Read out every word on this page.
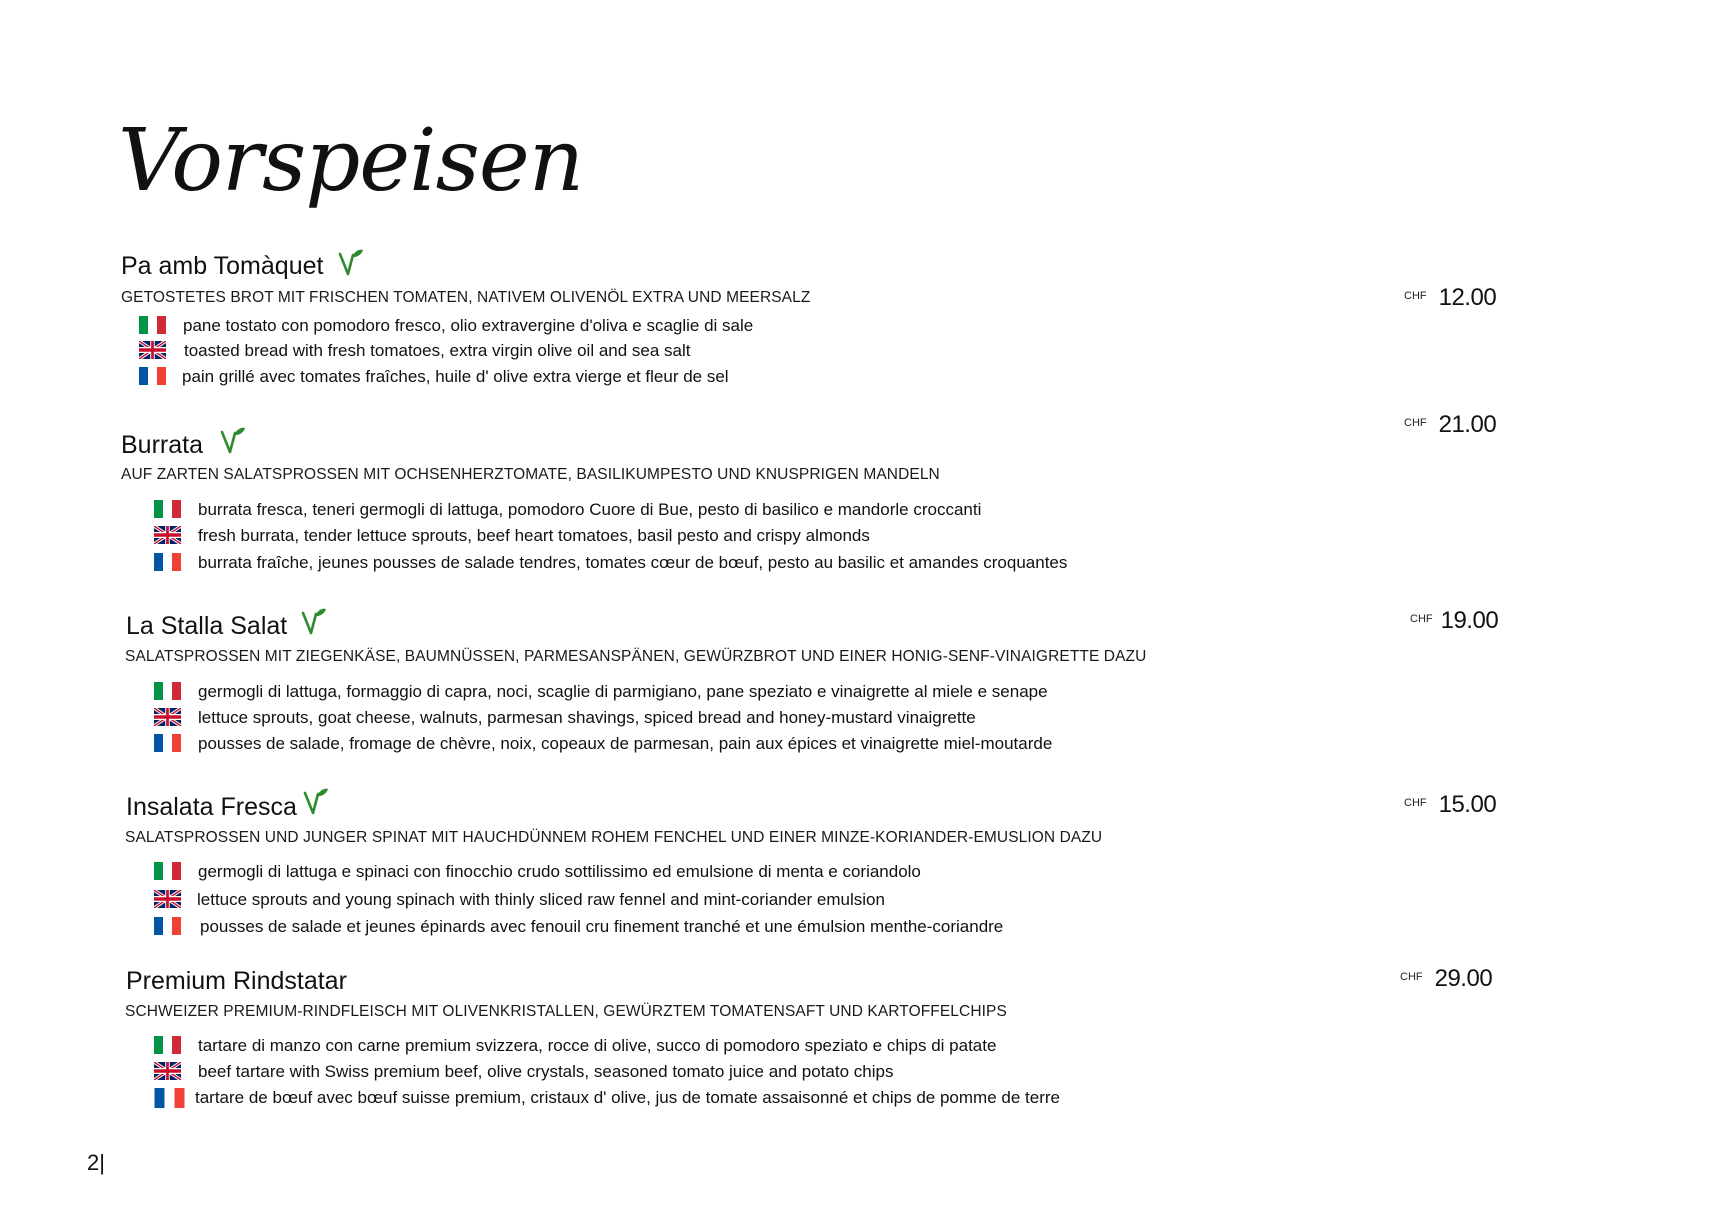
Vorspeisen
Pa amb Tomàquet
GETOSTETES BROT MIT FRISCHEN TOMATEN, NATIVEM OLIVENÖL EXTRA UND MEERSALZ
pane tostato con pomodoro fresco, olio extravergine d'oliva e scaglie di sale
toasted bread with fresh tomatoes, extra virgin olive oil and sea salt
pain grillé avec tomates fraîches, huile d' olive extra vierge et fleur de sel
$^{CHF}$ 12.00
Burrata
AUF ZARTEN SALATSPROSSEN MIT OCHSENHERZTOMATE, BASILIKUMPESTO UND KNUSPRIGEN MANDELN
burrata fresca, teneri germogli di lattuga, pomodoro Cuore di Bue, pesto di basilico e mandorle croccanti
fresh burrata, tender lettuce sprouts, beef heart tomatoes, basil pesto and crispy almonds
burrata fraîche, jeunes pousses de salade tendres, tomates cœur de bœuf, pesto au basilic et amandes croquantes
$^{CHF}$ 21.00
La Stalla Salat
SALATSPROSSEN MIT ZIEGENKÄSE, BAUMNÜSSEN, PARMESANSPÄNEN, GEWÜRZBROT UND EINER HONIG-SENF-VINAIGRETTE DAZU
germogli di lattuga, formaggio di capra, noci, scaglie di parmigiano, pane speziato e vinaigrette al miele e senape
lettuce sprouts, goat cheese, walnuts, parmesan shavings, spiced bread and honey-mustard vinaigrette
pousses de salade, fromage de chèvre, noix, copeaux de parmesan, pain aux épices et vinaigrette miel-moutarde
$^{CHF}$ 19.00
Insalata Fresca
SALATSPROSSEN UND JUNGER SPINAT MIT HAUCHDÜNNEM ROHEM FENCHEL UND EINER MINZE-KORIANDER-EMUSLION DAZU
germogli di lattuga e spinaci con finocchio crudo sottilissimo ed emulsione di menta e coriandolo
lettuce sprouts and young spinach with thinly sliced raw fennel and mint-coriander emulsion
pousses de salade et jeunes épinards avec fenouil cru finement tranché et une émulsion menthe-coriandre
$^{CHF}$ 15.00
Premium Rindstatar
SCHWEIZER PREMIUM-RINDFLEISCH MIT OLIVENKRISTALLEN, GEWÜRZTEM TOMATENSAFT UND KARTOFFELCHIPS
tartare di manzo con carne premium svizzera, rocce di olive, succo di pomodoro speziato e chips di patate
beef tartare with Swiss premium beef, olive crystals, seasoned tomato juice and potato chips
tartare de bœuf avec bœuf suisse premium, cristaux d' olive, jus de tomate assaisonné et chips de pomme de terre
$^{CHF}$ 29.00
2|
